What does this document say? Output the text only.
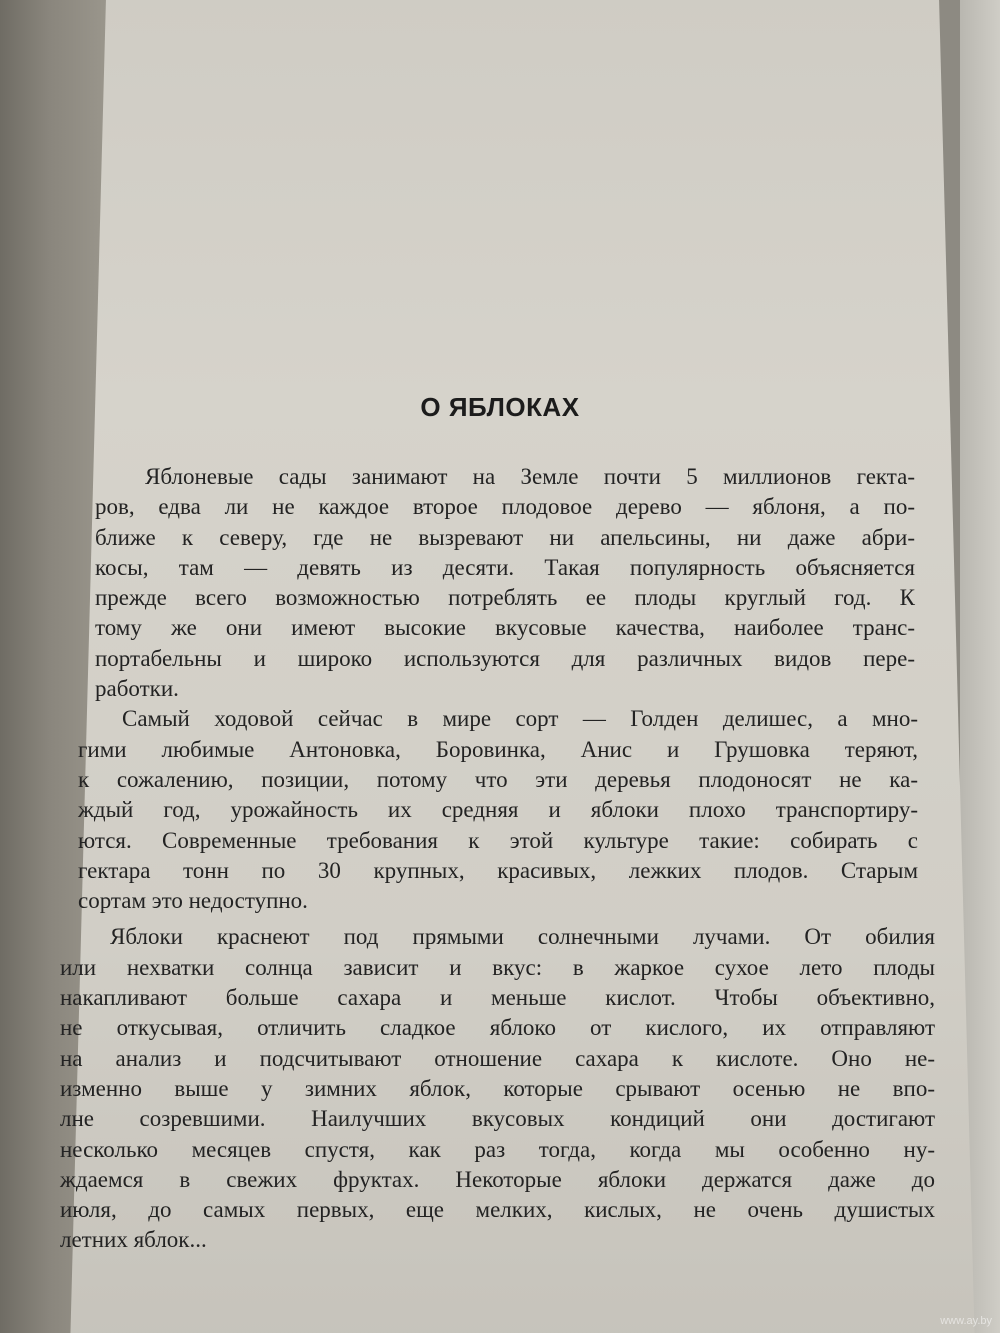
О ЯБЛОКАХ
Яблоневые сады занимают на Земле почти 5 миллионов гекта-
ров, едва ли не каждое второе плодовое дерево — яблоня, а по-
ближе к северу, где не вызревают ни апельсины, ни даже абри-
косы, там — девять из десяти. Такая популярность объясняется
прежде всего возможностью потреблять ее плоды круглый год. К
тому же они имеют высокие вкусовые качества, наиболее транс-
портабельны и широко используются для различных видов пере-
работки.
Самый ходовой сейчас в мире сорт — Голден делишес, а мно-
гими любимые Антоновка, Боровинка, Анис и Грушовка теряют,
к сожалению, позиции, потому что эти деревья плодоносят не ка-
ждый год, урожайность их средняя и яблоки плохо транспортиру-
ются. Современные требования к этой культуре такие: собирать с
гектара тонн по 30 крупных, красивых, лежких плодов. Старым
сортам это недоступно.
Яблоки краснеют под прямыми солнечными лучами. От обилия
или нехватки солнца зависит и вкус: в жаркое сухое лето плоды
накапливают больше сахара и меньше кислот. Чтобы объективно,
не откусывая, отличить сладкое яблоко от кислого, их отправляют
на анализ и подсчитывают отношение сахара к кислоте. Оно не-
изменно выше у зимних яблок, которые срывают осенью не впо-
лне созревшими. Наилучших вкусовых кондиций они достигают
несколько месяцев спустя, как раз тогда, когда мы особенно ну-
ждаемся в свежих фруктах. Некоторые яблоки держатся даже до
июля, до самых первых, еще мелких, кислых, не очень душистых
летних яблок...
www.ay.by
